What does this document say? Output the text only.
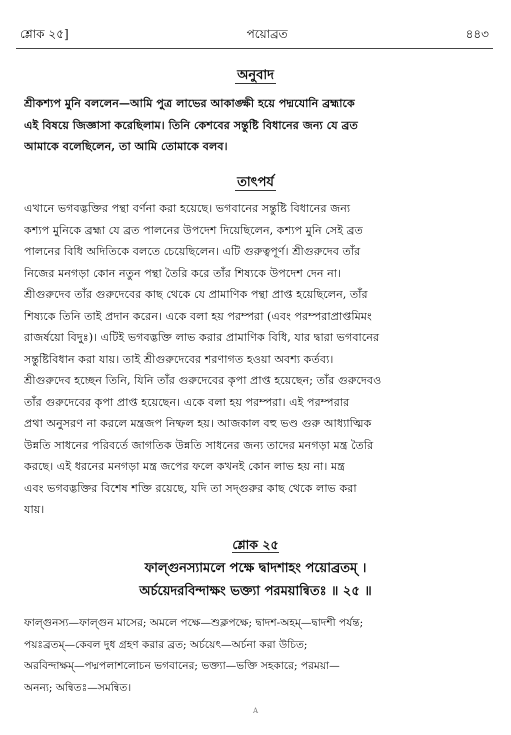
শ্লোক ২৫]	পয়োব্রত	৪৪৩
অনুবাদ
শ্রীকশ্যপ মুনি বললেন—আমি পুত্র লাভের আকাঙ্ক্ষী হয়ে পদ্মযোনি ব্রহ্মাকে
এই বিষয়ে জিজ্ঞাসা করেছিলাম। তিনি কেশবের সন্তুষ্টি বিধানের জন্য যে ব্রত
আমাকে বলেছিলেন, তা আমি তোমাকে বলব।
তাৎপর্য
এখানে ভগবদ্ভক্তির পন্থা বর্ণনা করা হয়েছে। ভগবানের সন্তুষ্টি বিধানের জন্য
কশ্যপ মুনিকে ব্রহ্মা যে ব্রত পালনের উপদেশ দিয়েছিলেন, কশ্যপ মুনি সেই ব্রত
পালনের বিধি অদিতিকে বলতে চেয়েছিলেন। এটি গুরুত্বপূর্ণ। শ্রীগুরুদেব তাঁর
নিজের মনগড়া কোন নতুন পন্থা তৈরি করে তাঁর শিষ্যকে উপদেশ দেন না।
শ্রীগুরুদেব তাঁর গুরুদেবের কাছ থেকে যে প্রামাণিক পন্থা প্রাপ্ত হয়েছিলেন, তাঁর
শিষ্যকে তিনি তাই প্রদান করেন। একে বলা হয় পরম্পরা (এবং পরম্পরাপ্রাপ্তমিমং
রাজর্ষয়ো বিদুঃ)। এটিই ভগবদ্ভক্তি লাভ করার প্রামাণিক বিধি, যার দ্বারা ভগবানের
সন্তুষ্টিবিধান করা যায়। তাই শ্রীগুরুদেবের শরণাগত হওয়া অবশ্য কর্তব্য।
শ্রীগুরুদেব হচ্ছেন তিনি, যিনি তাঁর গুরুদেবের কৃপা প্রাপ্ত হয়েছেন; তাঁর গুরুদেবও
তাঁর গুরুদেবের কৃপা প্রাপ্ত হয়েছেন। একে বলা হয় পরম্পরা। এই পরম্পরার
প্রথা অনুসরণ না করলে মন্ত্রজপ নিষ্ফল হয়। আজকাল বহু ভণ্ড গুরু আধ্যাত্মিক
উন্নতি সাধনের পরিবর্তে জাগতিক উন্নতি সাধনের জন্য তাদের মনগড়া মন্ত্র তৈরি
করছে। এই ধরনের মনগড়া মন্ত্র জপের ফলে কখনই কোন লাভ হয় না। মন্ত্র
এবং ভগবদ্ভক্তির বিশেষ শক্তি রয়েছে, যদি তা সদ্গুরুর কাছ থেকে লাভ করা
যায়।
শ্লোক ২৫
ফাল্গুনস্যামলে পক্ষে দ্বাদশাহং পয়োব্রতম্ ।
অর্চয়েদরবিন্দাক্ষং ভক্ত্যা পরময়ান্বিতঃ ॥ ২৫ ॥
ফাল্গুনস্য—ফাল্গুন মাসের; অমলে পক্ষে—শুক্লপক্ষে; দ্বাদশ-অহম্—দ্বাদশী পর্যন্ত;
পয়ঃব্রতম্—কেবল দুধ গ্রহণ করার ব্রত; অর্চয়েৎ—অর্চনা করা উচিত;
অরবিন্দাক্ষম্—পদ্মপলাশলোচন ভগবানের; ভক্ত্যা—ভক্তি সহকারে; পরময়া—
অনন্য; অন্বিতঃ—সমন্বিত।
A
